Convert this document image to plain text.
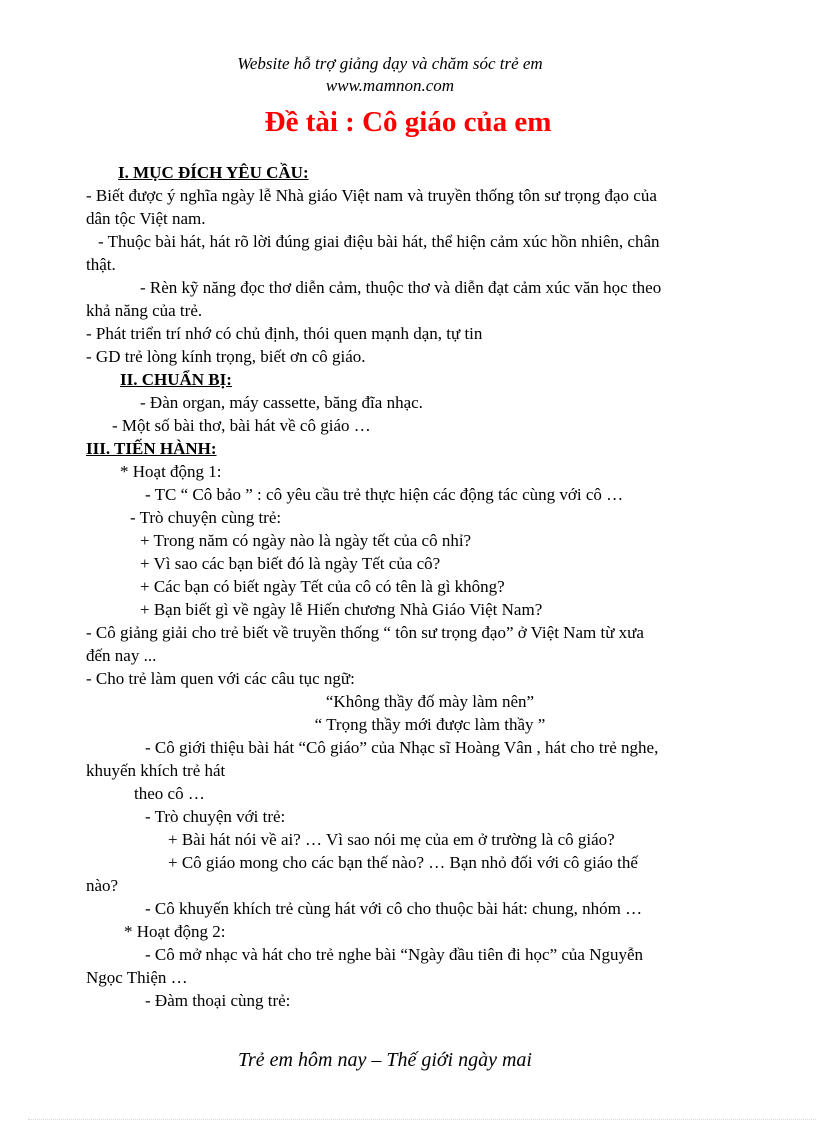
Website hỗ trợ giảng dạy và chăm sóc trẻ em
www.mamnon.com
Đề tài : Cô giáo của em
I. MỤC ĐÍCH YÊU CẦU:
- Biết được ý nghĩa ngày lễ Nhà giáo Việt nam và truyền thống tôn sư trọng đạo của
dân tộc Việt nam.
- Thuộc bài hát, hát rõ lời đúng giai điệu bài hát, thể hiện cảm xúc hồn nhiên, chân
thật.
- Rèn kỹ năng đọc thơ diễn cảm, thuộc thơ và diễn đạt cảm xúc văn học theo
khả năng của trẻ.
- Phát triển trí nhớ có chủ định, thói quen mạnh dạn, tự tin
- GD trẻ lòng kính trọng, biết ơn cô giáo.
II. CHUẨN BỊ:
- Đàn organ, máy cassette, băng đĩa nhạc.
- Một số bài thơ, bài hát về cô giáo …
III. TIẾN HÀNH:
* Hoạt động 1:
- TC “ Cô bảo ” : cô yêu cầu trẻ thực hiện các động tác cùng với cô …
- Trò chuyện cùng trẻ:
+ Trong năm có ngày nào là ngày tết của cô nhỉ?
+ Vì sao các bạn biết đó là ngày Tết của cô?
+ Các bạn có biết ngày Tết của cô có tên là gì không?
+ Bạn biết gì về ngày lễ Hiến chương Nhà Giáo Việt Nam?
- Cô giảng giải cho trẻ biết về truyền thống “ tôn sư trọng đạo” ở Việt Nam từ xưa
đến nay ...
- Cho trẻ làm quen với các câu tục ngữ:
“Không thầy đố mày làm nên”
“ Trọng thầy mới được làm thầy ”
- Cô giới thiệu bài hát “Cô giáo” của Nhạc sĩ Hoàng Vân , hát cho trẻ nghe,
khuyến khích trẻ hát
theo cô …
- Trò chuyện với trẻ:
+ Bài hát nói về ai? … Vì sao nói mẹ của em ở trường là cô giáo?
+ Cô giáo mong cho các bạn thế nào? … Bạn nhỏ đối với cô giáo thế
nào?
- Cô khuyến khích trẻ cùng hát với cô cho thuộc bài hát: chung, nhóm …
* Hoạt động 2:
- Cô mở nhạc và hát cho trẻ nghe bài “Ngày đầu tiên đi học” của Nguyễn
Ngọc Thiện …
- Đàm thoại cùng trẻ:
Trẻ em hôm nay – Thế giới ngày mai
